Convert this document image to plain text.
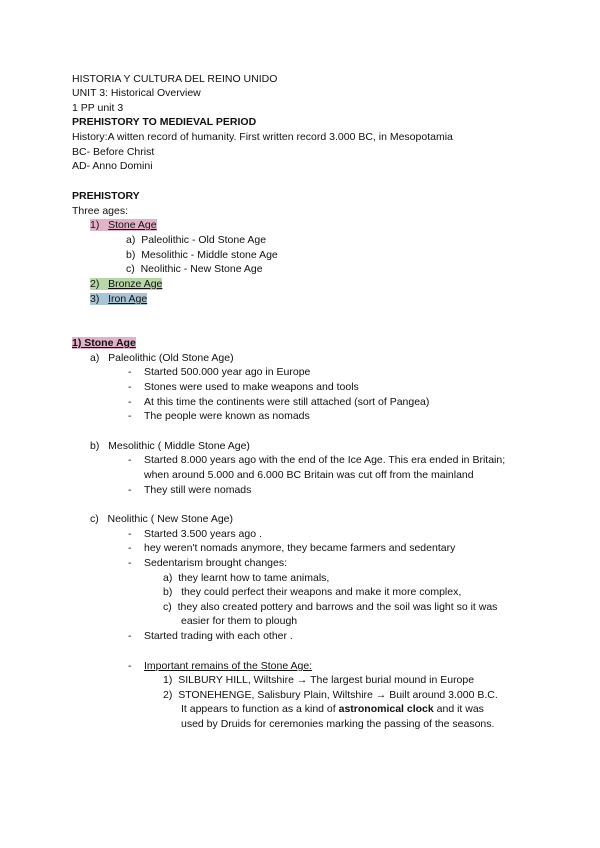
HISTORIA Y CULTURA DEL REINO UNIDO
UNIT 3: Historical Overview
1 PP unit 3
PREHISTORY TO MEDIEVAL PERIOD
History:A witten record of humanity. First written record 3.000 BC, in Mesopotamia
BC- Before Christ
AD- Anno Domini
PREHISTORY
Three ages:
1) Stone Age
a) Paleolithic - Old Stone Age
b) Mesolithic - Middle stone Age
c) Neolithic - New Stone Age
2) Bronze Age
3) Iron Age
1) Stone Age
a) Paleolithic (Old Stone Age)
- Started 500.000 year ago in Europe
- Stones were used to make weapons and tools
- At this time the continents were still attached (sort of Pangea)
- The people were known as nomads
b) Mesolithic ( Middle Stone Age)
- Started 8.000 years ago with the end of the Ice Age. This era ended in Britain;
when around 5.000 and 6.000 BC Britain was cut off from the mainland
- They still were nomads
c) Neolithic ( New Stone Age)
- Started 3.500 years ago .
- hey weren't nomads anymore, they became farmers and sedentary
- Sedentarism brought changes:
a) they learnt how to tame animals,
b)   they could perfect their weapons and make it more complex,
c) they also created pottery and barrows and the soil was light so it was
easier for them to plough
- Started trading with each other .
- Important remains of the Stone Age:
1) SILBURY HILL, Wiltshire → The largest burial mound in Europe
2) STONEHENGE, Salisbury Plain, Wiltshire → Built around 3.000 B.C.
It appears to function as a kind of astronomical clock and it was
used by Druids for ceremonies marking the passing of the seasons.
